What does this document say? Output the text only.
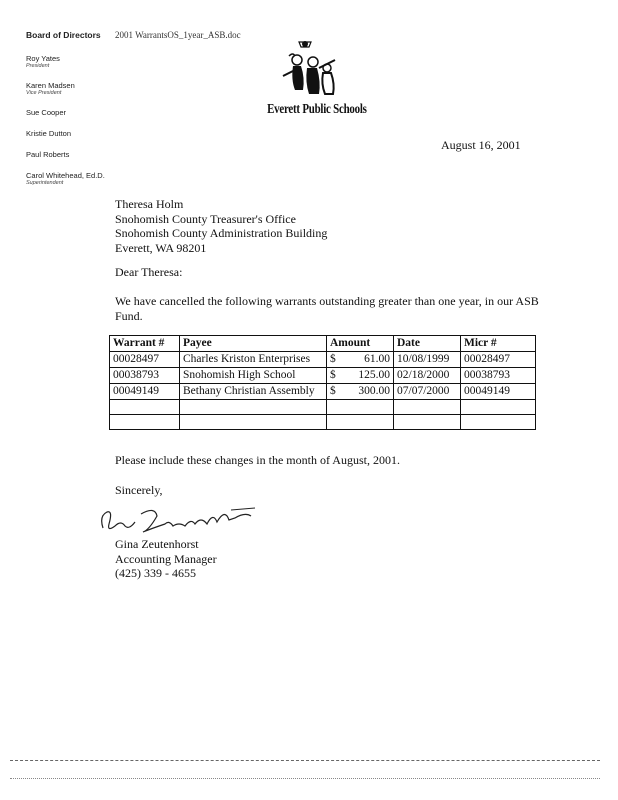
2001 WarrantsOS_1year_ASB.doc
Board of Directors
Roy Yates
President
Karen Madsen
Vice President
Sue Cooper
Kristie Dutton
Paul Roberts
Carol Whitehead, Ed.D.
Superintendent
Everett Public Schools
August 16, 2001
Theresa Holm
Snohomish County Treasurer's Office
Snohomish County Administration Building
Everett, WA 98201
Dear Theresa:
We have cancelled the following warrants outstanding greater than one year, in our ASB Fund.
Warrant #	Payee	Amount	Date	Micr #
00028497	Charles Kriston Enterprises	$ 61.00	10/08/1999	00028497
00038793	Snohomish High School	$ 125.00	02/18/2000	00038793
00049149	Bethany Christian Assembly	$ 300.00	07/07/2000	00049149

Please include these changes in the month of August, 2001.
Sincerely,
Gina Zeutenhorst
Accounting Manager
(425) 339 - 4655
